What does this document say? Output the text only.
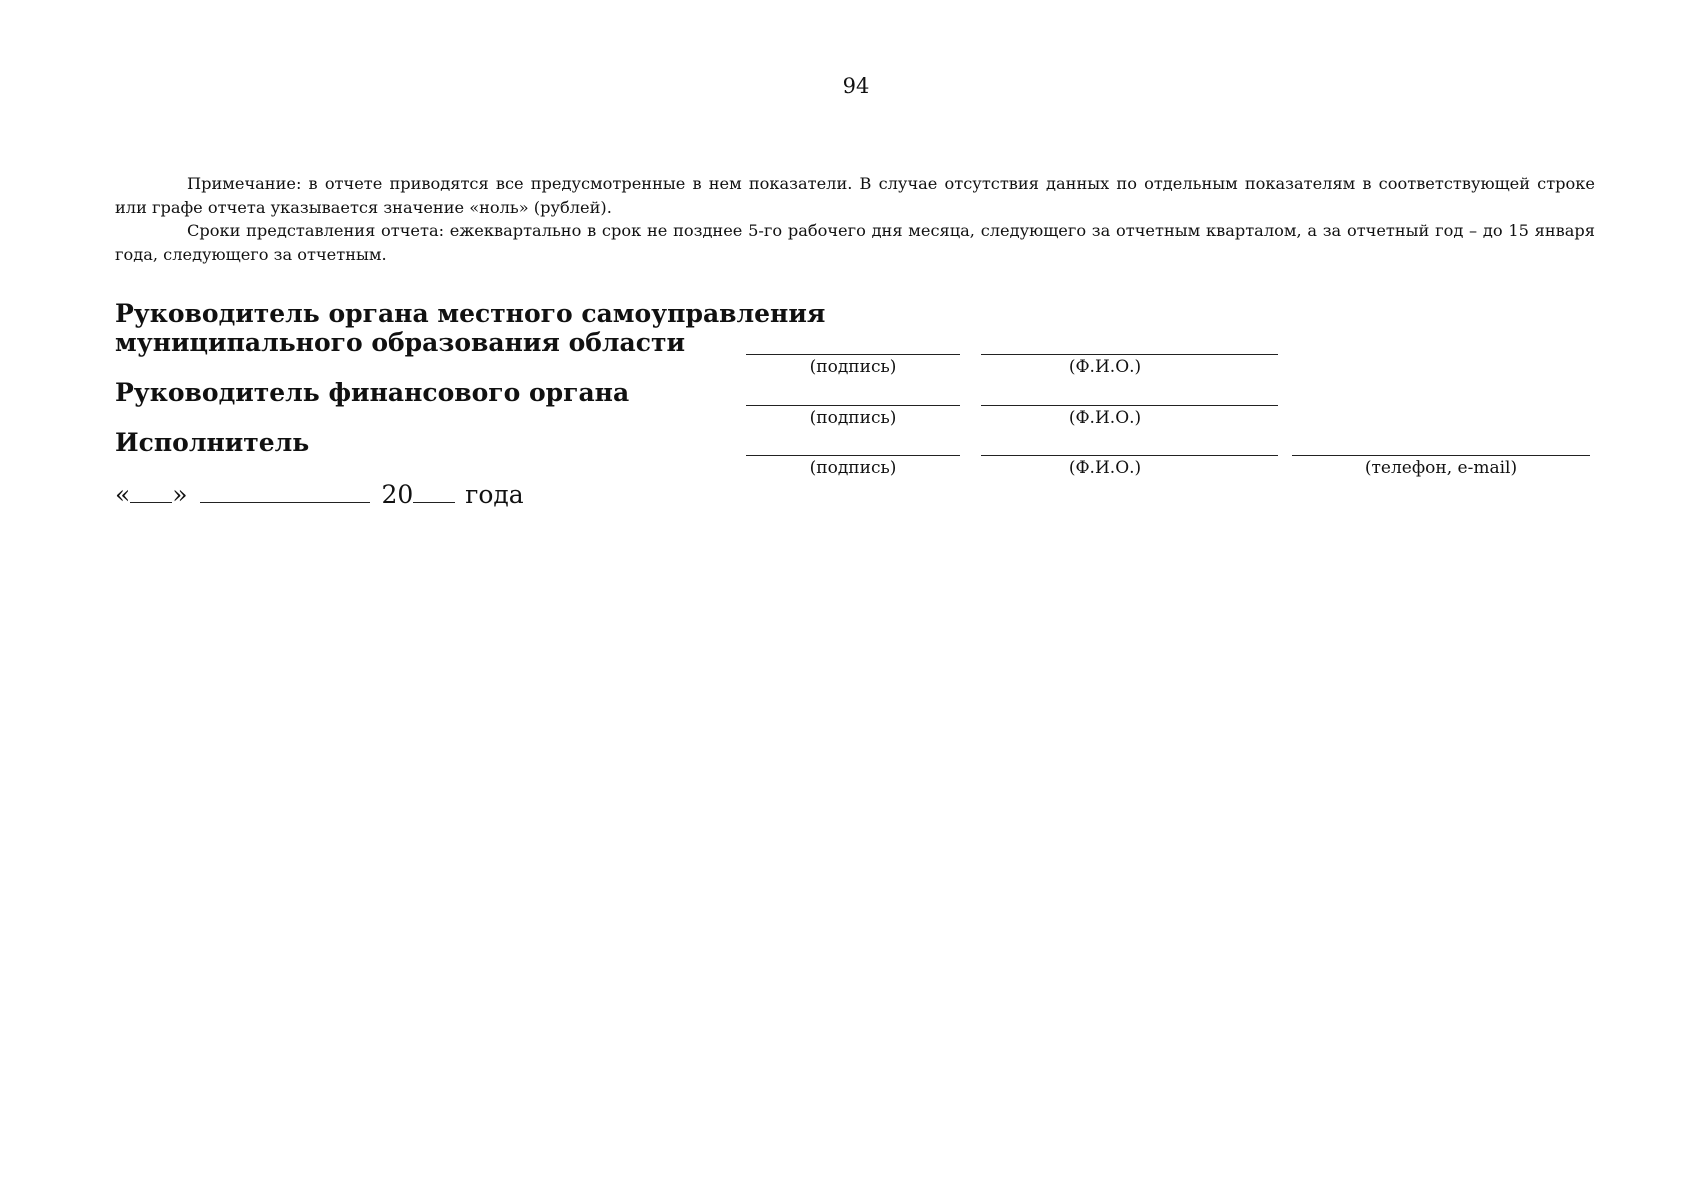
94

Примечание: в отчете приводятся все предусмотренные в нем показатели. В случае отсутствия данных по отдельным показателям в соответствующей строке или графе отчета указывается значение «ноль» (рублей).

Сроки представления отчета: ежеквартально в срок не позднее 5-го рабочего дня месяца, следующего за отчетным кварталом, а за отчетный год – до 15 января года, следующего за отчетным.

Руководитель органа местного самоуправления
муниципального образования области
(подпись)	(Ф.И.О.)
Руководитель финансового органа
(подпись)	(Ф.И.О.)
Исполнитель
(подпись)	(Ф.И.О.)	(телефон, e-mail)
« »	20 года
